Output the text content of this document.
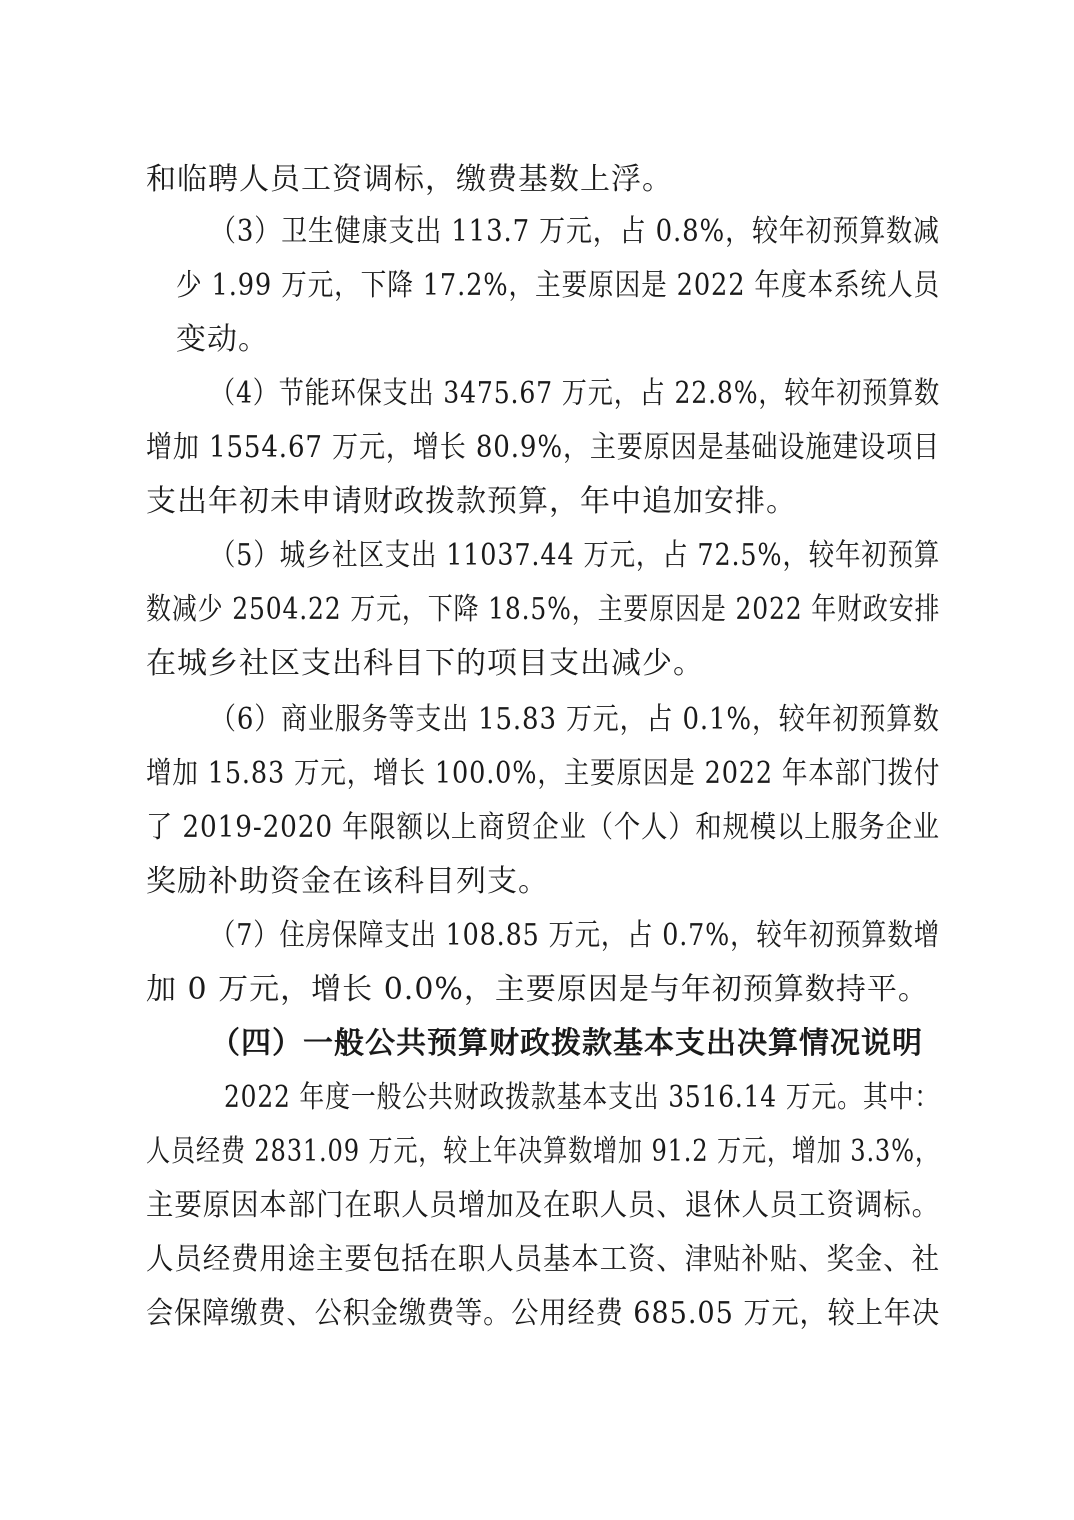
和临聘人员工资调标，缴费基数上浮。
（3）卫生健康支出 113.7 万元，占 0.8%，较年初预算数减
少 1.99 万元，下降 17.2%，主要原因是 2022 年度本系统人员
变动。
（4）节能环保支出 3475.67 万元，占 22.8%，较年初预算数
增加 1554.67 万元，增长 80.9%，主要原因是基础设施建设项目
支出年初未申请财政拨款预算，年中追加安排。
（5）城乡社区支出 11037.44 万元，占 72.5%，较年初预算
数减少 2504.22 万元，下降 18.5%，主要原因是 2022 年财政安排
在城乡社区支出科目下的项目支出减少。
（6）商业服务等支出 15.83 万元，占 0.1%，较年初预算数
增加 15.83 万元，增长 100.0%，主要原因是 2022 年本部门拨付
了 2019-2020 年限额以上商贸企业（个人）和规模以上服务企业
奖励补助资金在该科目列支。
（7）住房保障支出 108.85 万元，占 0.7%，较年初预算数增
加 0 万元，增长 0.0%，主要原因是与年初预算数持平。
（四）一般公共预算财政拨款基本支出决算情况说明
2022 年度一般公共财政拨款基本支出 3516.14 万元。其中：
人员经费 2831.09 万元，较上年决算数增加 91.2 万元，增加 3.3%，
主要原因本部门在职人员增加及在职人员、退休人员工资调标。
人员经费用途主要包括在职人员基本工资、津贴补贴、奖金、社
会保障缴费、公积金缴费等。公用经费 685.05 万元，较上年决
